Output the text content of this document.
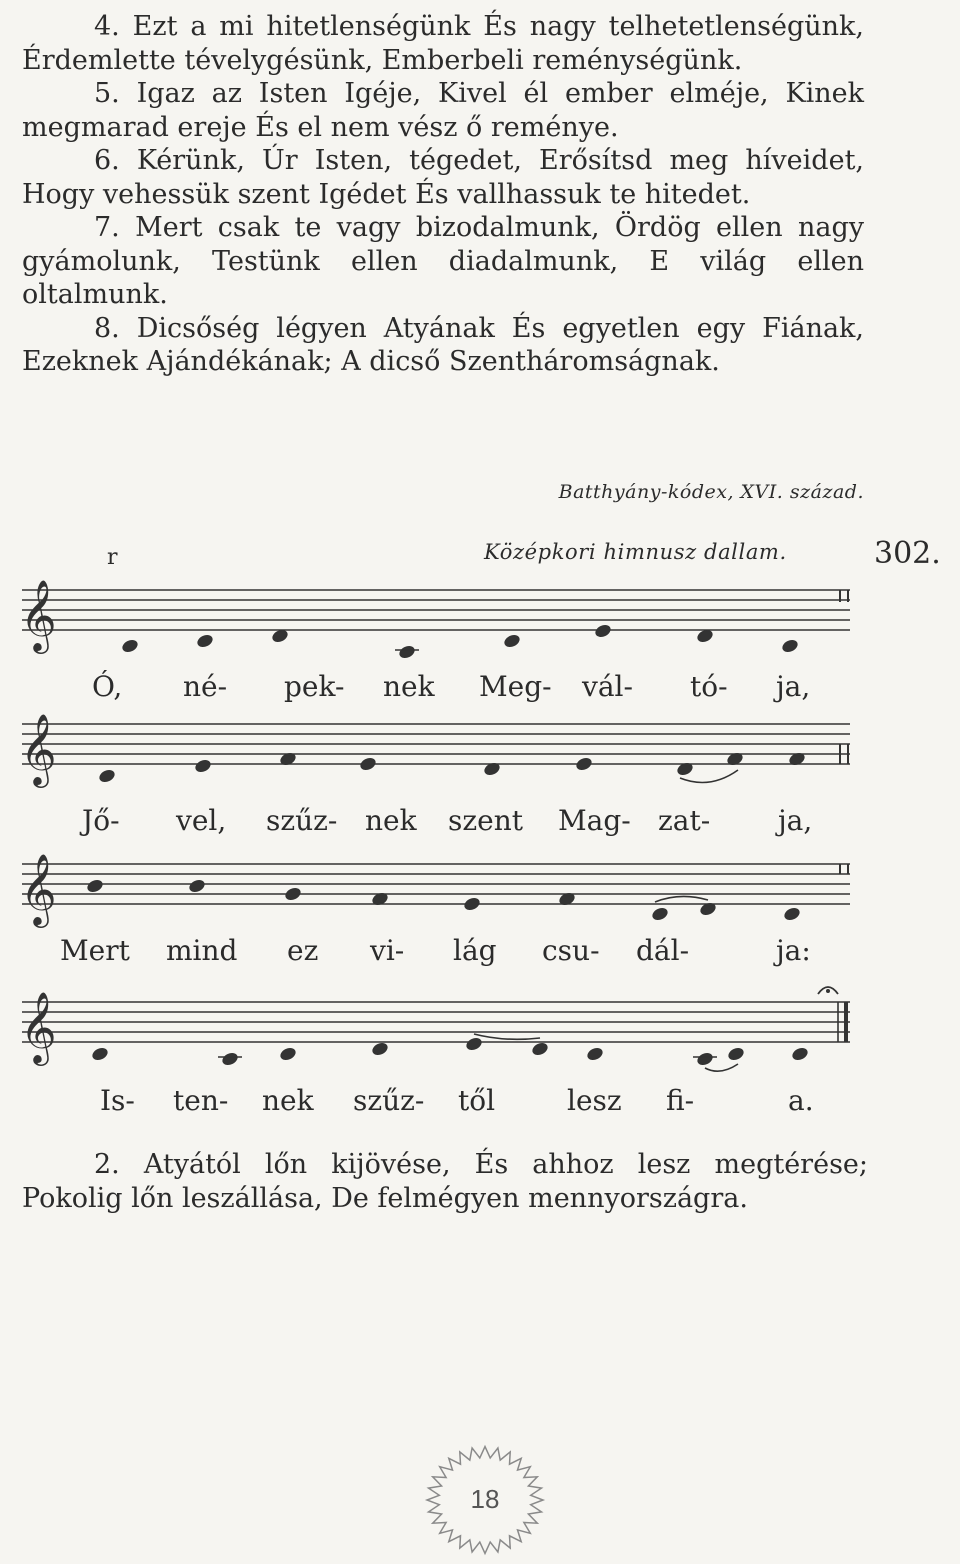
4. Ezt a mi hitetlenségünk És nagy telhetetlenségünk, Érdemlette tévelygésünk, Emberbeli reménységünk.

5. Igaz az Isten Igéje, Kivel él ember elméje, Kinek megmarad ereje És el nem vész ő reménye.

6. Kérünk, Úr Isten, tégedet, Erősítsd meg híveidet, Hogy vehessük szent Igédet És vallhassuk te hitedet.

7. Mert csak te vagy bizodalmunk, Ördög ellen nagy gyámolunk, Testünk ellen diadalmunk, E világ ellen oltalmunk.

8. Dicsőség légyen Atyának És egyetlen egy Fiának, Ezeknek Ajándékának; A dicső Szentháromságnak.

Batthyány-kódex, XVI. század.
r	Középkori himnusz dallam.	302.
𝄞
Ó, né- pek- nek Meg- vál- tó- ja,
𝄞
Jő- vel, szűz- nek szent Mag- zat- ja,
𝄞
Mert mind ez vi- lág csu- dál-	ja:
𝄞
Is- ten- nek szűz- től	lesz fi-	a.

2. Atyától lőn kijövése, És ahhoz lesz megtérése; Pokolig lőn leszállása, De felmégyen mennyországra.

18
